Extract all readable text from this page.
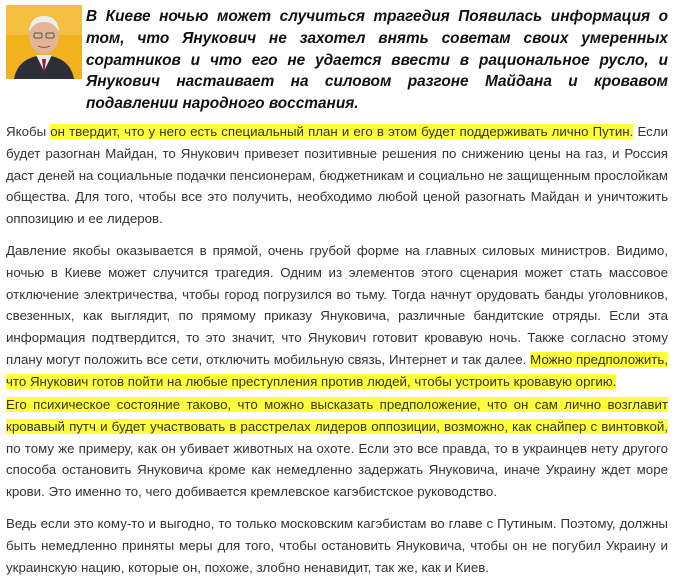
В Киеве ночью может случиться трагедия Появилась информация о том, что Янукович не захотел внять советам своих умеренных соратников и что его не удается ввести в рациональное русло, и Янукович настаивает на силовом разгоне Майдана и кровавом подавлении народного восстания.

Якобы он твердит, что у него есть специальный план и его в этом будет поддерживать лично Путин. Если будет разогнан Майдан, то Янукович привезет позитивные решения по снижению цены на газ, и Россия даст деней на социальные подачки пенсионерам, бюджетникам и социально не защищенным прослойкам общества. Для того, чтобы все это получить, необходимо любой ценой разогнать Майдан и уничтожить оппозицию и ее лидеров.

Давление якобы оказывается в прямой, очень грубой форме на главных силовых министров. Видимо, ночью в Киеве может случится трагедия. Одним из элементов этого сценария может стать массовое отключение электричества, чтобы город погрузился во тьму. Тогда начнут орудовать банды уголовников, свезенных, как выглядит, по прямому приказу Януковича, различные бандитские отряды. Если эта информация подтвердится, то это значит, что Янукович готовит кровавую ночь. Также согласно этому плану могут положить все сети, отключить мобильную связь, Интернет и так далее. Можно предположить, что Янукович готов пойти на любые преступления против людей, чтобы устроить кровавую оргию.

Его психическое состояние таково, что можно высказать предположение, что он сам лично возглавит кровавый путч и будет участвовать в расстрелах лидеров оппозиции, возможно, как снайпер с винтовкой, по тому же примеру, как он убивает животных на охоте. Если это все правда, то в украинцев нету другого способа остановить Януковича кроме как немедленно задержать Януковича, иначе Украину ждет море крови. Это именно то, чего добивается кремлевское кагэбистское руководство.

Ведь если это кому-то и выгодно, то только московским кагэбистам во главе с Путиным. Поэтому, должны быть немедленно приняты меры для того, чтобы остановить Януковича, чтобы он не погубил Украину и украинскую нацию, которые он, похоже, злобно ненавидит, так же, как и Киев.
